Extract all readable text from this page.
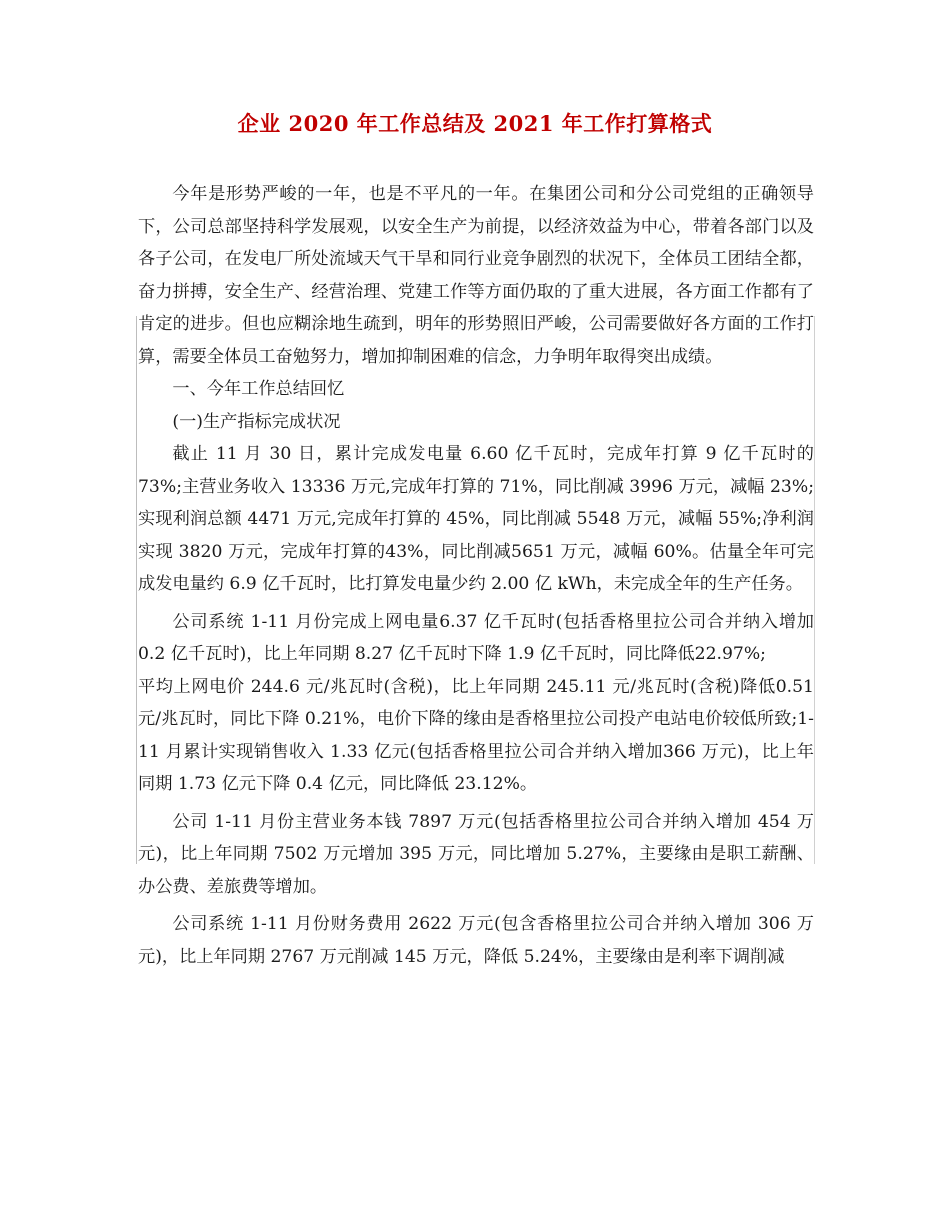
企业 2020 年工作总结及 2021 年工作打算格式

今年是形势严峻的一年，也是不平凡的一年。在集团公司和分公司党组的正确领导下，公司总部坚持科学发展观，以安全生产为前提，以经济效益为中心，带着各部门以及各子公司，在发电厂所处流域天气干旱和同行业竞争剧烈的状况下，全体员工团结全都，奋力拼搏，安全生产、经营治理、党建工作等方面仍取的了重大进展，各方面工作都有了肯定的进步。但也应糊涂地生疏到，明年的形势照旧严峻，公司需要做好各方面的工作打算，需要全体员工奋勉努力，增加抑制困难的信念，力争明年取得突出成绩。

一、今年工作总结回忆

(一)生产指标完成状况

截止 11 月 30 日，累计完成发电量 6.60 亿千瓦时，完成年打算 9 亿千瓦时的73%;主营业务收入 13336 万元,完成年打算的 71%，同比削减 3996 万元，减幅 23%;实现利润总额 4471 万元,完成年打算的 45%，同比削减 5548 万元，减幅 55%;净利润实现 3820 万元，完成年打算的43%，同比削减5651 万元，减幅 60%。估量全年可完成发电量约 6.9 亿千瓦时，比打算发电量少约 2.00 亿 kWh，未完成全年的生产任务。

公司系统 1-11 月份完成上网电量6.37 亿千瓦时(包括香格里拉公司合并纳入增加 0.2 亿千瓦时)，比上年同期 8.27 亿千瓦时下降 1.9 亿千瓦时，同比降低22.97%;

平均上网电价 244.6 元/兆瓦时(含税)，比上年同期 245.11 元/兆瓦时(含税)降低0.51 元/兆瓦时，同比下降 0.21%，电价下降的缘由是香格里拉公司投产电站电价较低所致;1-11 月累计实现销售收入 1.33 亿元(包括香格里拉公司合并纳入增加366 万元)，比上年同期 1.73 亿元下降 0.4 亿元，同比降低 23.12%。

公司 1-11 月份主营业务本钱 7897 万元(包括香格里拉公司合并纳入增加 454 万元)，比上年同期 7502 万元增加 395 万元，同比增加 5.27%，主要缘由是职工薪酬、办公费、差旅费等增加。

公司系统 1-11 月份财务费用 2622 万元(包含香格里拉公司合并纳入增加 306 万元)，比上年同期 2767 万元削减 145 万元，降低 5.24%，主要缘由是利率下调削减
